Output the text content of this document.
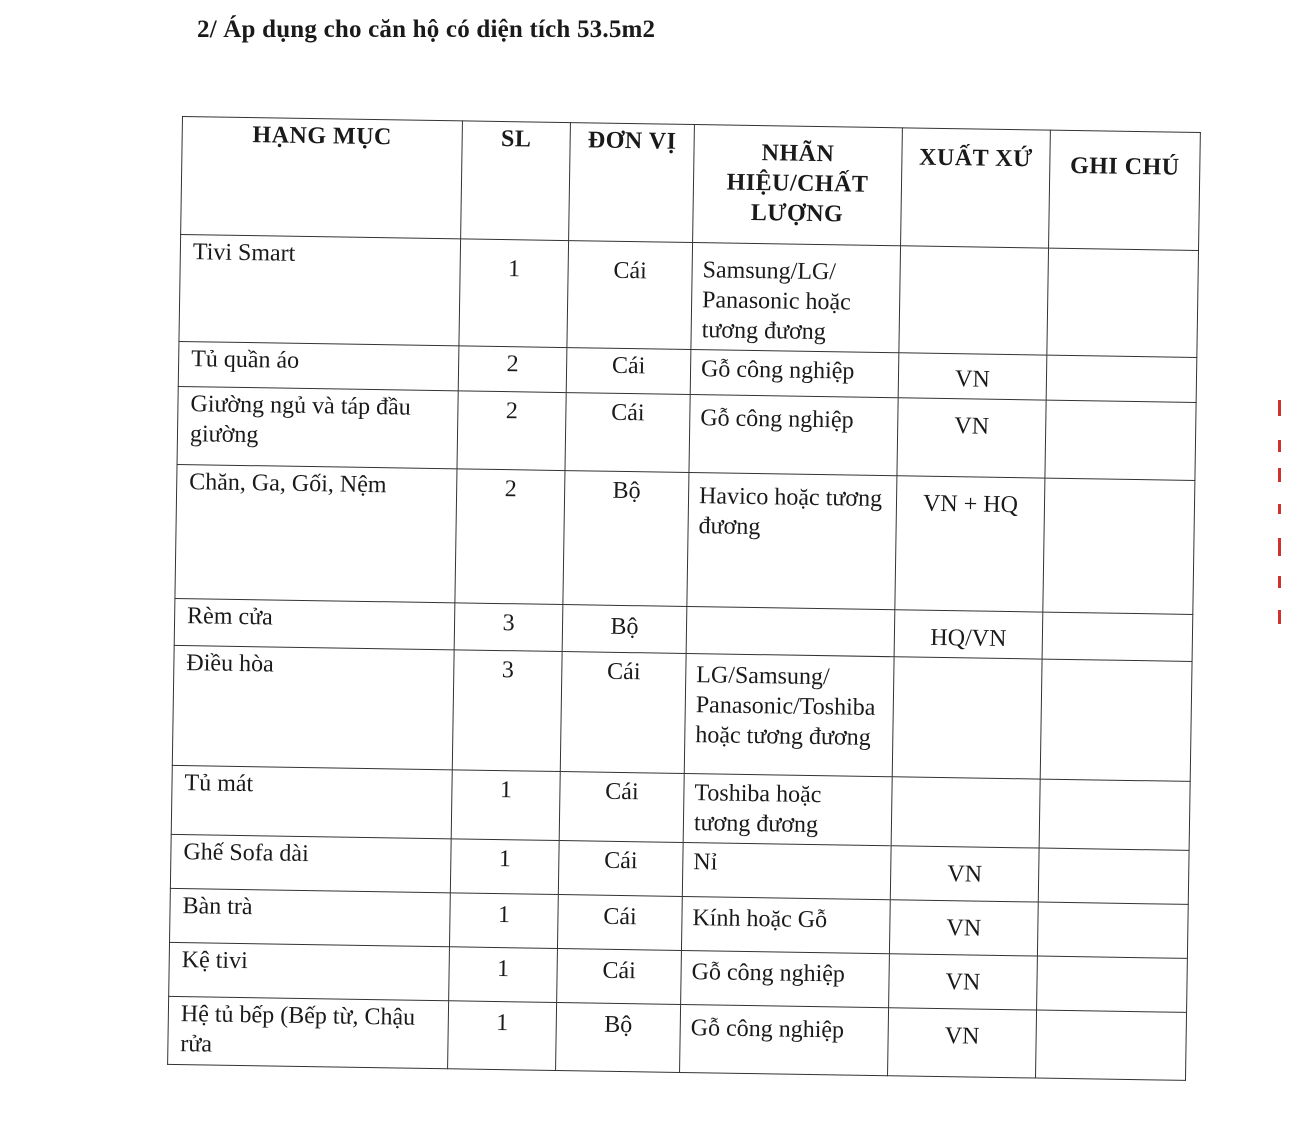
2/ Áp dụng cho căn hộ có diện tích 53.5m2
HẠNG MỤC	SL	ĐƠN VỊ	NHÃN HIỆU/CHẤT LƯỢNG	XUẤT XỨ	GHI CHÚ
Tivi Smart	1	Cái	Samsung/LG/ Panasonic hoặc tương đương		
Tủ quần áo	2	Cái	Gỗ công nghiệp	VN	
Giường ngủ và táp đầu giường	2	Cái	Gỗ công nghiệp	VN	
Chăn, Ga, Gối, Nệm	2	Bộ	Havico hoặc tương đương	VN + HQ	
Rèm cửa	3	Bộ		HQ/VN	
Điều hòa	3	Cái	LG/Samsung/ Panasonic/Toshiba hoặc tương đương		
Tủ mát	1	Cái	Toshiba hoặc tương đương		
Ghế Sofa dài	1	Cái	Nỉ	VN	
Bàn trà	1	Cái	Kính hoặc Gỗ	VN	
Kệ tivi	1	Cái	Gỗ công nghiệp	VN	
Hệ tủ bếp (Bếp từ, Chậu rửa	1	Bộ	Gỗ công nghiệp	VN	
